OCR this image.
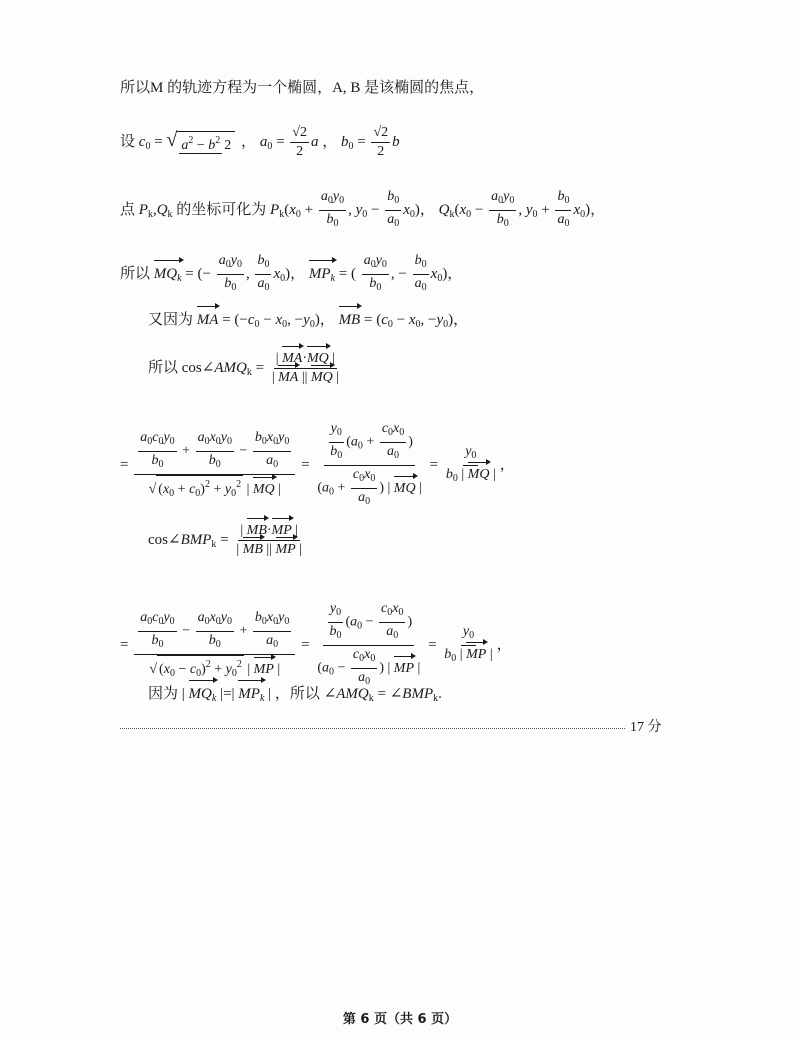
所以M 的轨迹方程为一个椭圆，A, B 是该椭圆的焦点，
设 $c_0$ = √ $a^2 - b^2$ 2 ， $a_0 = \frac{√2}{2}$ a ， $b_0 = \frac{√2}{2}$ b
点 $P_k,Q_k$ 的坐标可化为 $P_k(x_0 + \frac{a_0y_0}{b_0}$ , $y_0 - \frac{b_0}{a_0} x_0$)， $Q_k(x_0 - \frac{a_0y_0}{b_0}$ , $y_0 + \frac{b_0}{a_0} x_0$)，
所以 $MQ_k$ = (− $\frac{a_0y_0}{b_0}$ , $\frac{b_0}{a_0} x_0$)， $MP_k$ = ( $\frac{a_0y_0}{b_0}$ , − $\frac{b_0}{a_0} x_0$)，
又因为 MA = ($-c_0 - x_0$, $-y_0$)， MB = ($c_0 - x_0$, $-y_0$)，
所以 $\cos\angle AMQ_k = \frac{| MA\cdot MQ |}{| MA || MQ |}$
= $\frac{\frac{a_0c_0y_0}{b_0} + \frac{a_0x_0y_0}{b_0} - \frac{b_0x_0y_0}{a_0}}{√ (x_0 + c_0)^2 + y_0^2 | MQ |} = \frac{\frac{y_0}{b_0} (a_0 + \frac{c_0x_0}{a_0} )}{(a_0 + \frac{c_0x_0}{a_0} ) | MQ |} = \frac{y_0}{b_0 | MQ |}$ ，
$\cos\angle BMP_k = \frac{| MB\cdot MP |}{| MB || MP |}$
= $\frac{\frac{a_0c_0y_0}{b_0} - \frac{a_0x_0y_0}{b_0} + \frac{b_0x_0y_0}{a_0}}{√ (x_0 - c_0)^2 + y_0^2 | MP |} = \frac{\frac{y_0}{b_0} (a_0 - \frac{c_0x_0}{a_0} )}{(a_0 - \frac{c_0x_0}{a_0} ) | MP |} = \frac{y_0}{b_0 | MP |}$ ，
因为 | $MQ_k$ |=| $MP_k$ | ，所以 $\angle AMQ_k$ = $\angle BMP_k$.
17 分
第 6 页（共 6 页）
